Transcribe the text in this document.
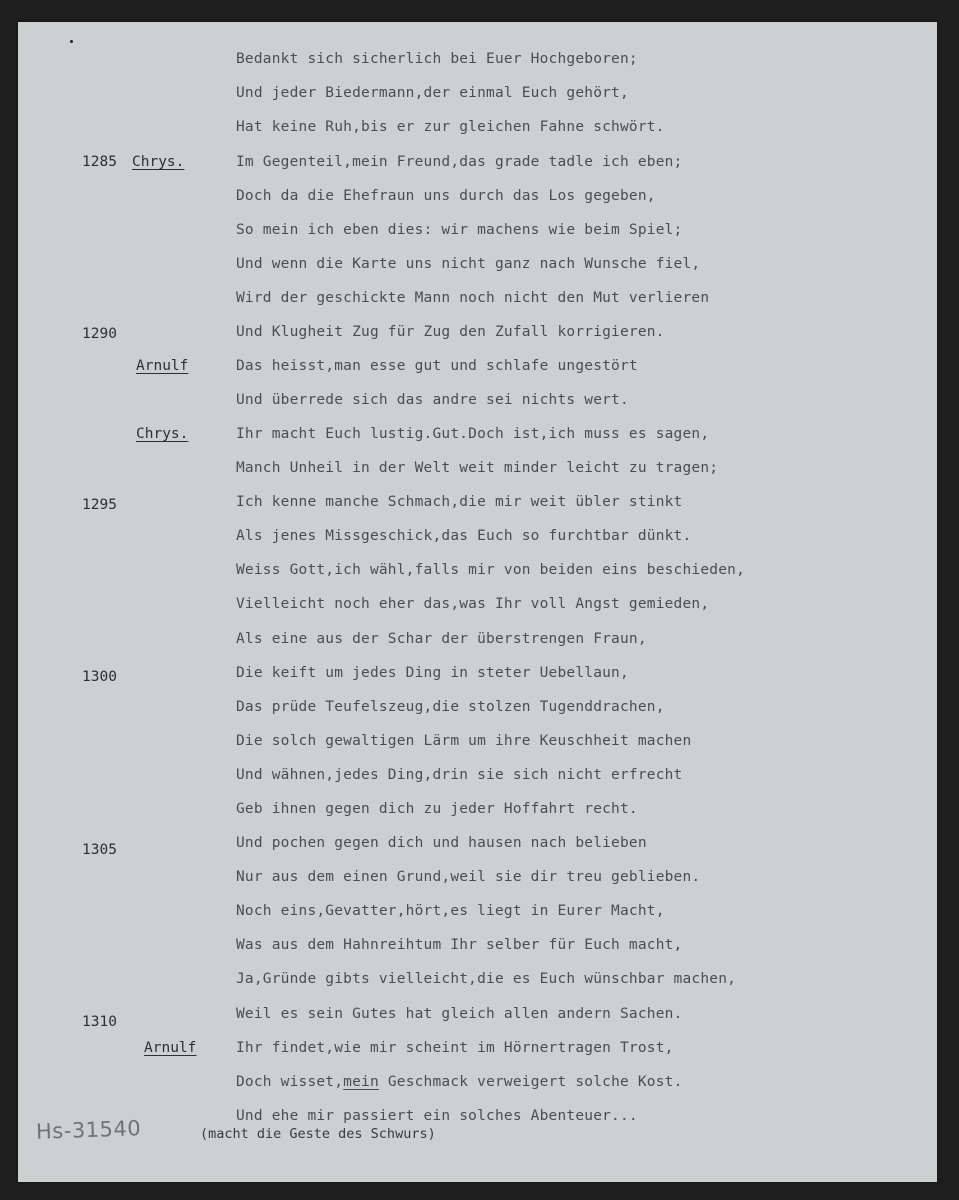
Bedankt sich sicherlich bei Euer Hochgeboren;
Und jeder Biedermann,der einmal Euch gehört,
Hat keine Ruh,bis er zur gleichen Fahne schwört.
Im Gegenteil,mein Freund,das grade tadle ich eben;
Doch da die Ehefraun uns durch das Los gegeben,
So mein ich eben dies: wir machens wie beim Spiel;
Und wenn die Karte uns nicht ganz nach Wunsche fiel,
Wird der geschickte Mann noch nicht den Mut verlieren
Und Klugheit Zug für Zug den Zufall korrigieren.
Das heisst,man esse gut und schlafe ungestört
Und überrede sich das andre sei nichts wert.
Ihr macht Euch lustig.Gut.Doch ist,ich muss es sagen,
Manch Unheil in der Welt weit minder leicht zu tragen;
Ich kenne manche Schmach,die mir weit übler stinkt
Als jenes Missgeschick,das Euch so furchtbar dünkt.
Weiss Gott,ich wähl,falls mir von beiden eins beschieden,
Vielleicht noch eher das,was Ihr voll Angst gemieden,
Als eine aus der Schar der überstrengen Fraun,
Die keift um jedes Ding in steter Uebellaun,
Das prüde Teufelszeug,die stolzen Tugenddrachen,
Die solch gewaltigen Lärm um ihre Keuschheit machen
Und wähnen,jedes Ding,drin sie sich nicht erfrecht
Geb ihnen gegen dich zu jeder Hoffahrt recht.
Und pochen gegen dich und hausen nach belieben
Nur aus dem einen Grund,weil sie dir treu geblieben.
Noch eins,Gevatter,hört,es liegt in Eurer Macht,
Was aus dem Hahnreihtum Ihr selber für Euch macht,
Ja,Gründe gibts vielleicht,die es Euch wünschbar machen,
Weil es sein Gutes hat gleich allen andern Sachen.
Ihr findet,wie mir scheint im Hörnertragen Trost,
Doch wisset,mein Geschmack verweigert solche Kost.
Und ehe mir passiert ein solches Abenteuer...
(macht die Geste des Schwurs)
1285
1290
1295
1300
1305
1310
Chrys.
Arnulf
Chrys.
Arnulf
Hs-31540
